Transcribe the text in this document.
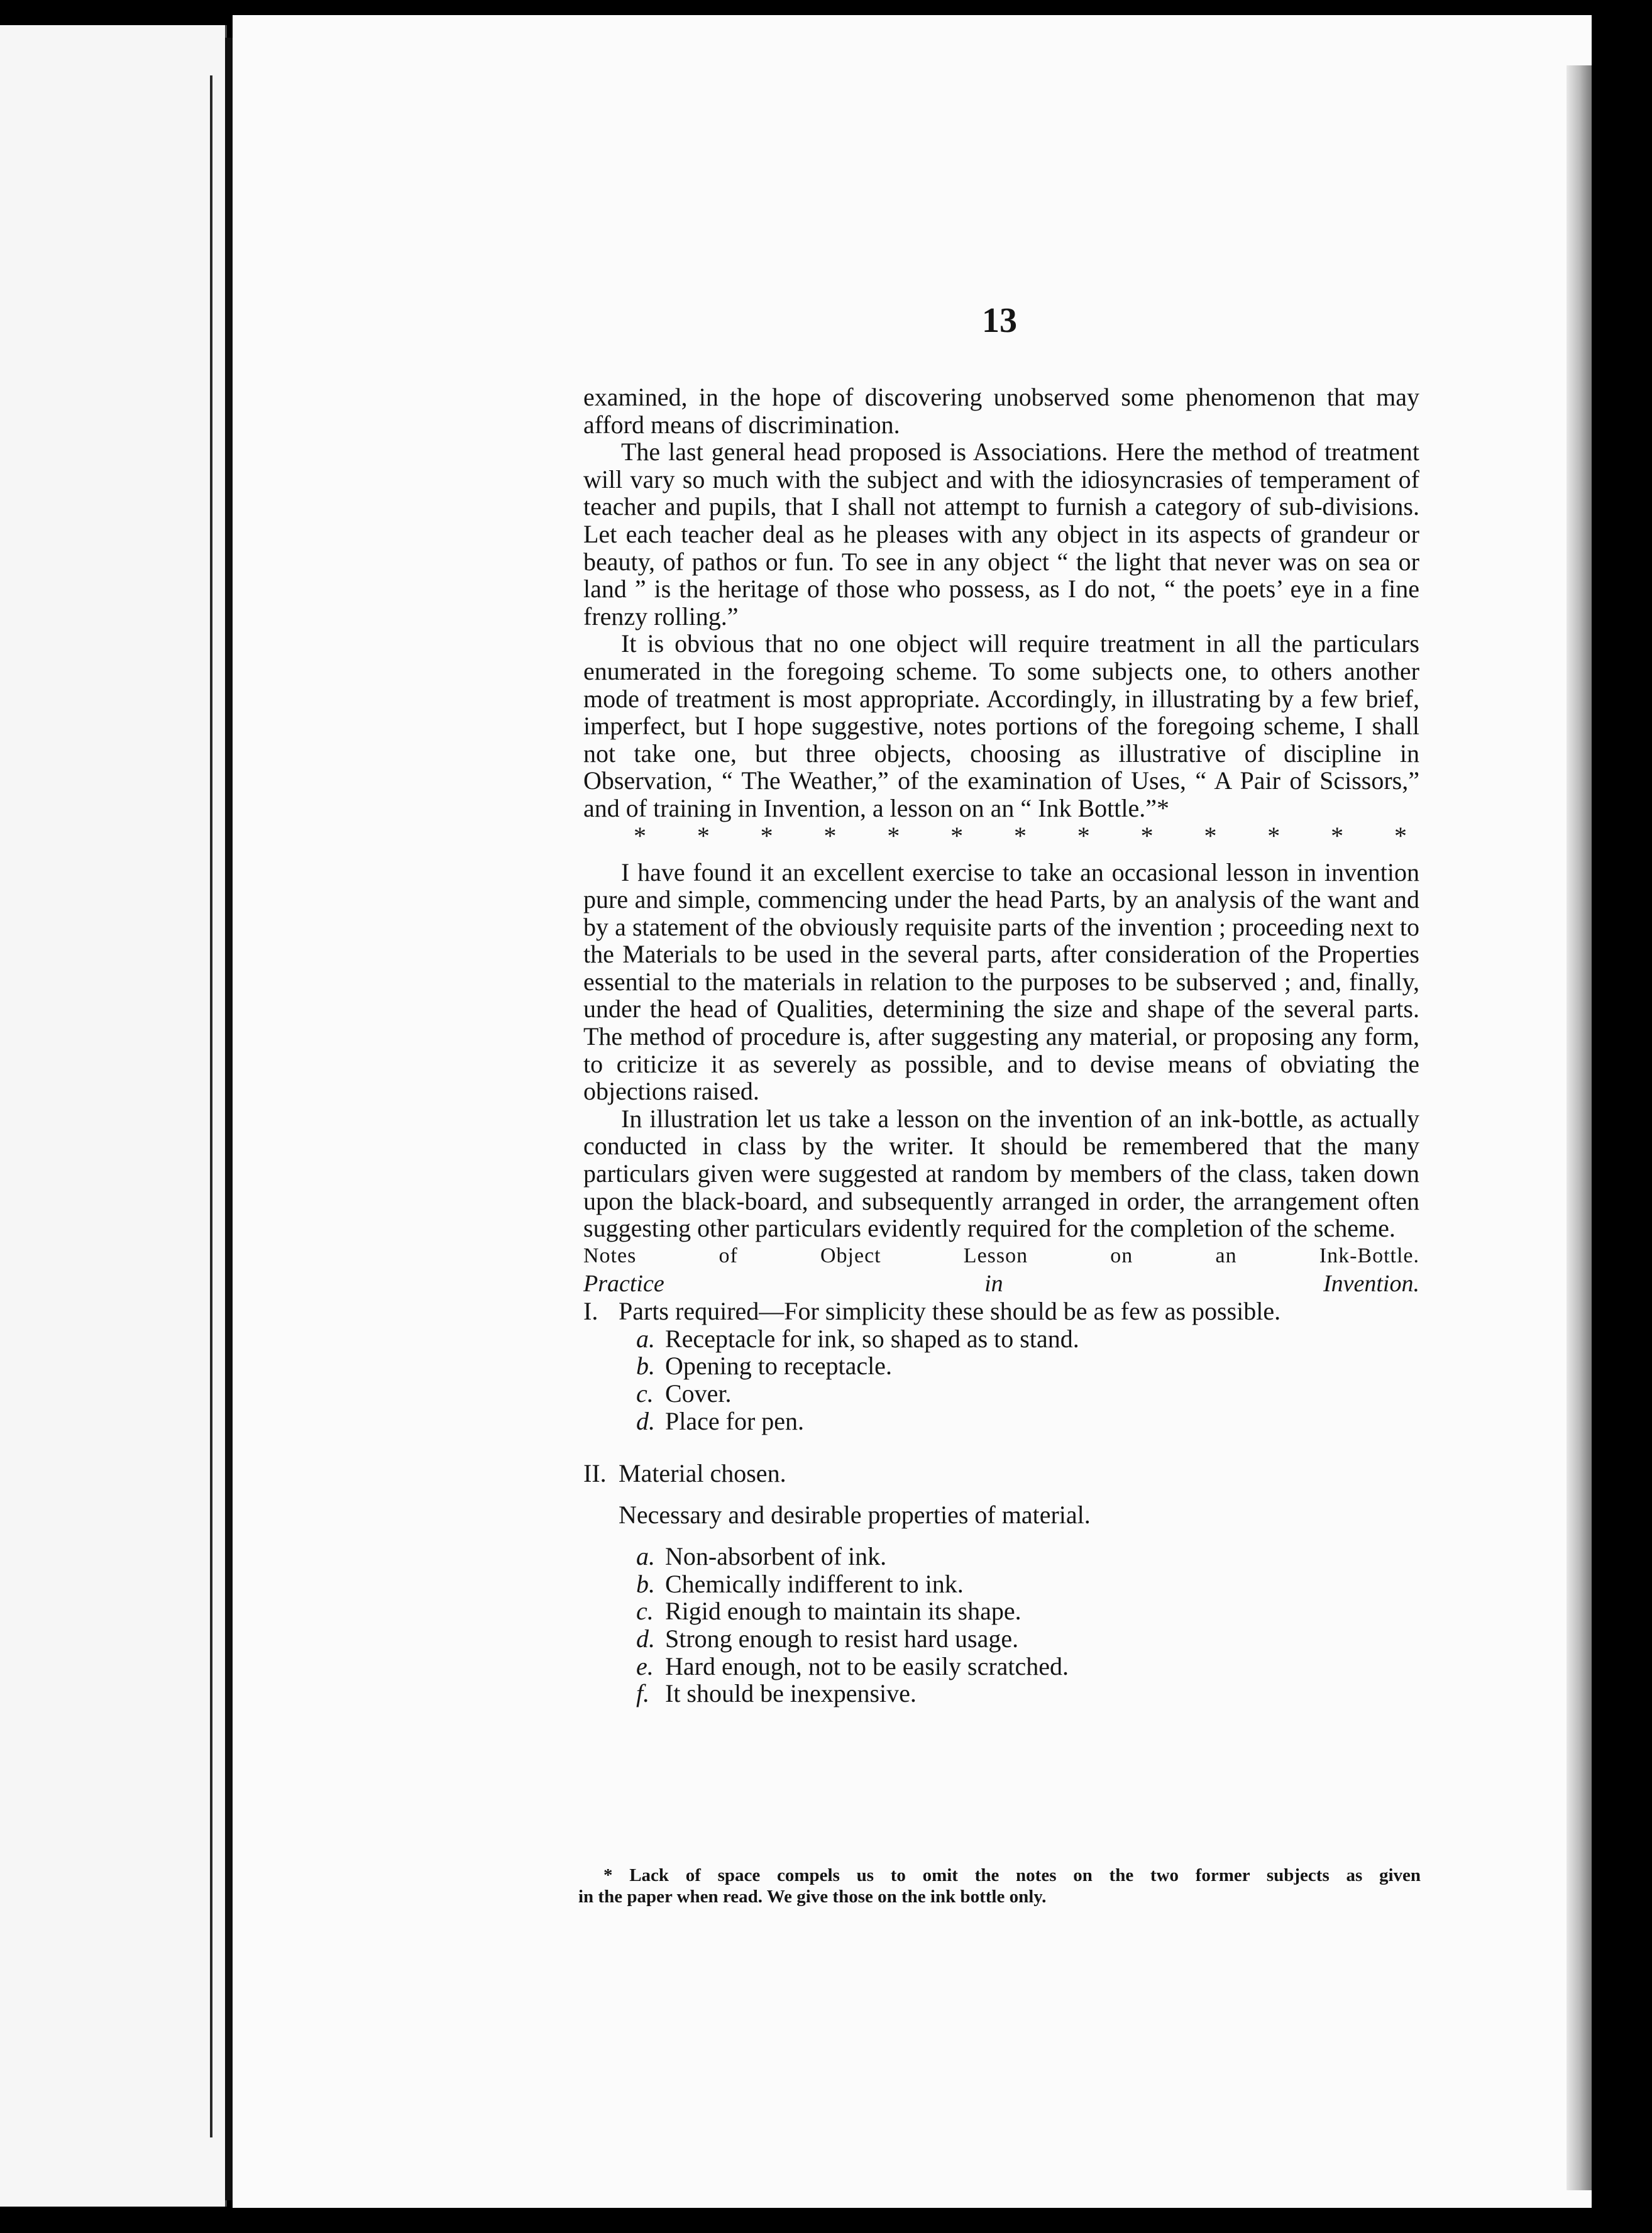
13

examined, in the hope of discovering unobserved some phenomenon that may afford means of discrimination.

The last general head proposed is Associations. Here the method of treatment will vary so much with the subject and with the idiosyncrasies of temperament of teacher and pupils, that I shall not attempt to furnish a category of sub-divisions. Let each teacher deal as he pleases with any object in its aspects of grandeur or beauty, of pathos or fun. To see in any object “ the light that never was on sea or land ” is the heritage of those who possess, as I do not, “ the poets’ eye in a fine frenzy rolling.”

It is obvious that no one object will require treatment in all the particulars enumerated in the foregoing scheme. To some subjects one, to others another mode of treatment is most appropriate. Accordingly, in illustrating by a few brief, imperfect, but I hope suggestive, notes portions of the foregoing scheme, I shall not take one, but three objects, choosing as illustrative of discipline in Observation, “ The Weather,” of the examination of Uses, “ A Pair of Scissors,” and of training in Invention, a lesson on an “ Ink Bottle.”*

* * * * * * * * * * * * *

I have found it an excellent exercise to take an occasional lesson in invention pure and simple, commencing under the head Parts, by an analysis of the want and by a statement of the obviously requisite parts of the invention ; proceeding next to the Materials to be used in the several parts, after consideration of the Properties essential to the materials in relation to the purposes to be subserved ; and, finally, under the head of Qualities, determining the size and shape of the several parts. The method of procedure is, after suggesting any material, or proposing any form, to criticize it as severely as possible, and to devise means of obviating the objections raised.

In illustration let us take a lesson on the invention of an ink-bottle, as actually conducted in class by the writer. It should be remembered that the many particulars given were suggested at random by members of the class, taken down upon the black-board, and subsequently arranged in order, the arrangement often suggesting other particulars evidently required for the completion of the scheme.

Notes of Object Lesson on an Ink-Bottle.

Practice in Invention.

I. Parts required—For simplicity these should be as few as possible.
a. Receptacle for ink, so shaped as to stand.
b. Opening to receptacle.
c. Cover.
d. Place for pen.
II. Material chosen.
Necessary and desirable properties of material.
a. Non-absorbent of ink.
b. Chemically indifferent to ink.
c. Rigid enough to maintain its shape.
d. Strong enough to resist hard usage.
e. Hard enough, not to be easily scratched.
f. It should be inexpensive.
* Lack of space compels us to omit the notes on the two former subjects as given
in the paper when read. We give those on the ink bottle only.
